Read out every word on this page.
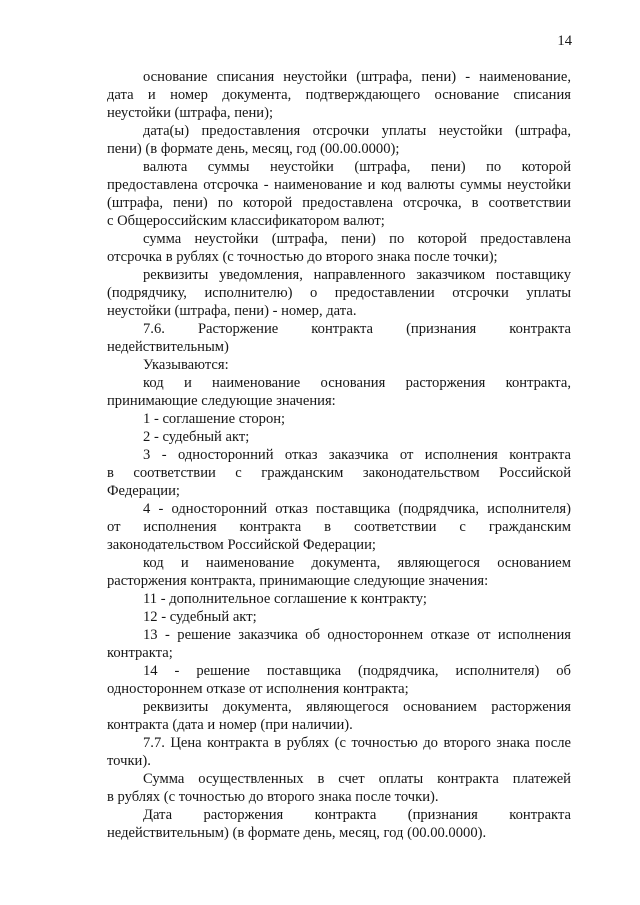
14
основание списания неустойки (штрафа, пени) - наименование,
дата и номер документа, подтверждающего основание списания
неустойки (штрафа, пени);
дата(ы) предоставления отсрочки уплаты неустойки (штрафа,
пени) (в формате день, месяц, год (00.00.0000);
валюта суммы неустойки (штрафа, пени) по которой
предоставлена отсрочка - наименование и код валюты суммы неустойки
(штрафа, пени) по которой предоставлена отсрочка, в соответствии
с Общероссийским классификатором валют;
сумма неустойки (штрафа, пени) по которой предоставлена
отсрочка в рублях (с точностью до второго знака после точки);
реквизиты уведомления, направленного заказчиком поставщику
(подрядчику, исполнителю) о предоставлении отсрочки уплаты
неустойки (штрафа, пени) - номер, дата.
7.6. Расторжение контракта (признания контракта
недействительным)
Указываются:
код и наименование основания расторжения контракта,
принимающие следующие значения:
1 - соглашение сторон;
2 - судебный акт;
3 - односторонний отказ заказчика от исполнения контракта
в соответствии с гражданским законодательством Российской
Федерации;
4 - односторонний отказ поставщика (подрядчика, исполнителя)
от исполнения контракта в соответствии с гражданским
законодательством Российской Федерации;
код и наименование документа, являющегося основанием
расторжения контракта, принимающие следующие значения:
11 - дополнительное соглашение к контракту;
12 - судебный акт;
13 - решение заказчика об одностороннем отказе от исполнения
контракта;
14 - решение поставщика (подрядчика, исполнителя) об
одностороннем отказе от исполнения контракта;
реквизиты документа, являющегося основанием расторжения
контракта (дата и номер (при наличии).
7.7. Цена контракта в рублях (с точностью до второго знака после
точки).
Сумма осуществленных в счет оплаты контракта платежей
в рублях (с точностью до второго знака после точки).
Дата расторжения контракта (признания контракта
недействительным) (в формате день, месяц, год (00.00.0000).
